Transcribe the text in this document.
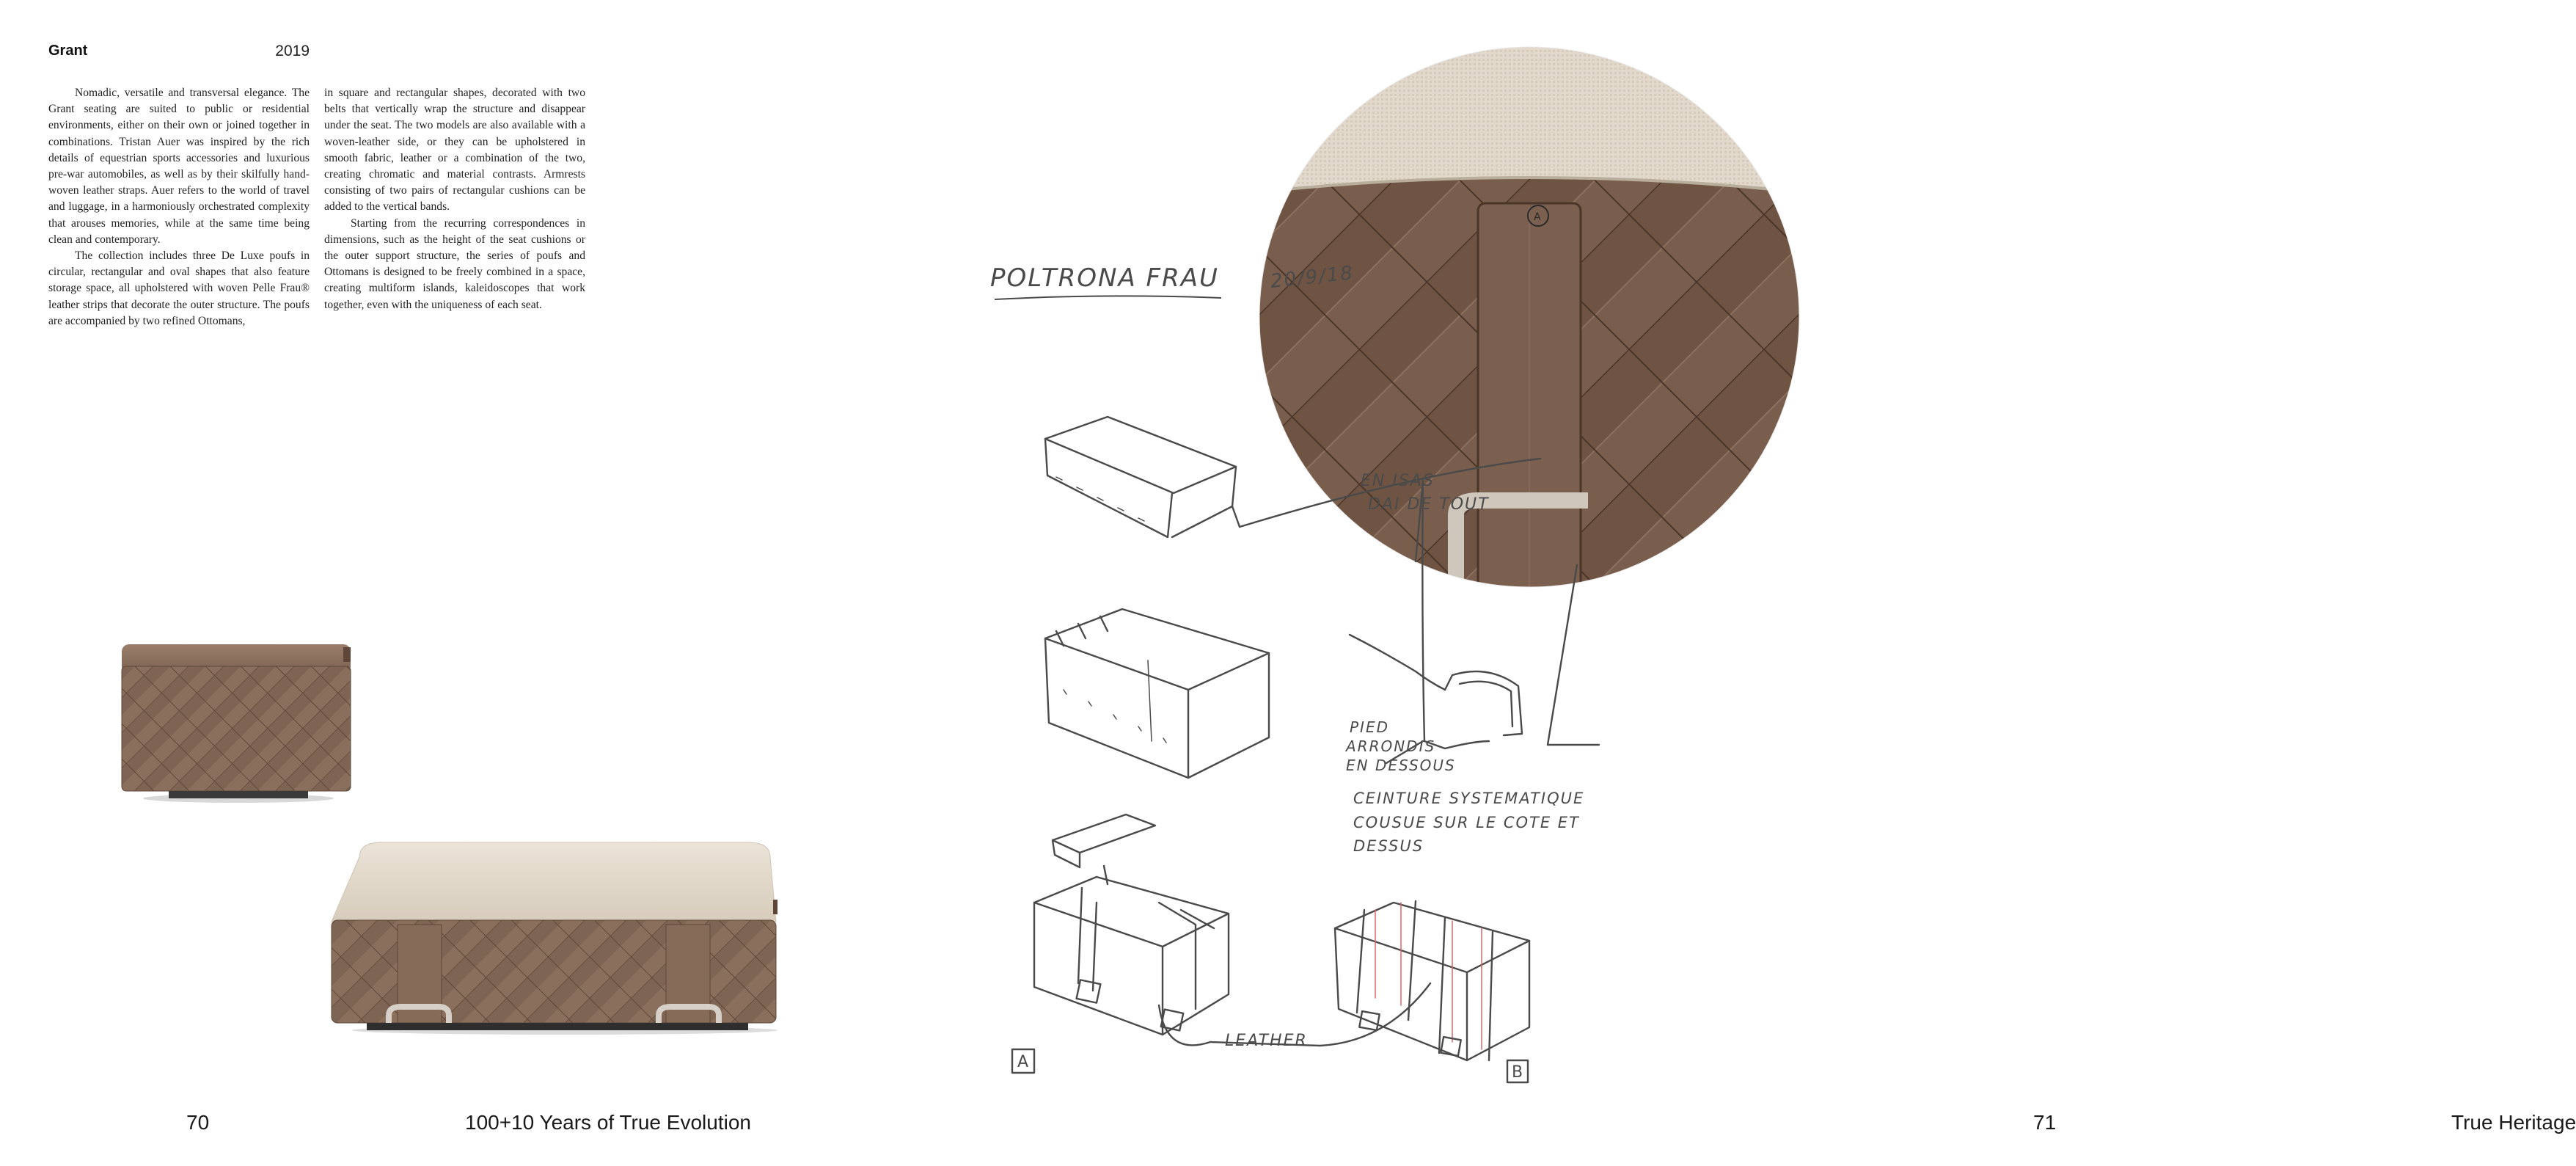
Grant	2019

Nomadic, versatile and transversal elegance. The Grant seating are suited to public or residential environments, either on their own or joined together in combinations. Tristan Auer was inspired by the rich details of equestrian sports accessories and luxurious pre-war automobiles, as well as by their skilfully hand-woven leather straps. Auer refers to the world of travel and luggage, in a harmoniously orchestrated complexity that arouses memories, while at the same time being clean and contemporary.

The collection includes three De Luxe poufs in circular, rectangular and oval shapes that also feature storage space, all upholstered with woven Pelle Frau® leather strips that decorate the outer structure. The poufs are accompanied by two refined Ottomans,

in square and rectangular shapes, decorated with two belts that vertically wrap the structure and disappear under the seat. The two models are also available with a woven-leather side, or they can be upholstered in smooth fabric, leather or a combination of the two, creating chromatic and material contrasts. Armrests consisting of two pairs of rectangular cushions can be added to the vertical bands.

Starting from the recurring correspondences in dimensions, such as the height of the seat cushions or the outer support structure, the series of poufs and Ottomans is designed to be freely combined in a space, creating multiform islands, kaleidoscopes that work together, even with the uniqueness of each seat.

70	100+10 Years of True Evolution
A
20/9/18
EN ISAS
DAI DE TOUT
POLTRONA FRAU
A
B
LEATHER
PIED
ARRONDIS
EN DESSOUS
CEINTURE SYSTEMATIQUE
COUSUE SUR LE COTE ET
DESSUS
71	True Heritage
